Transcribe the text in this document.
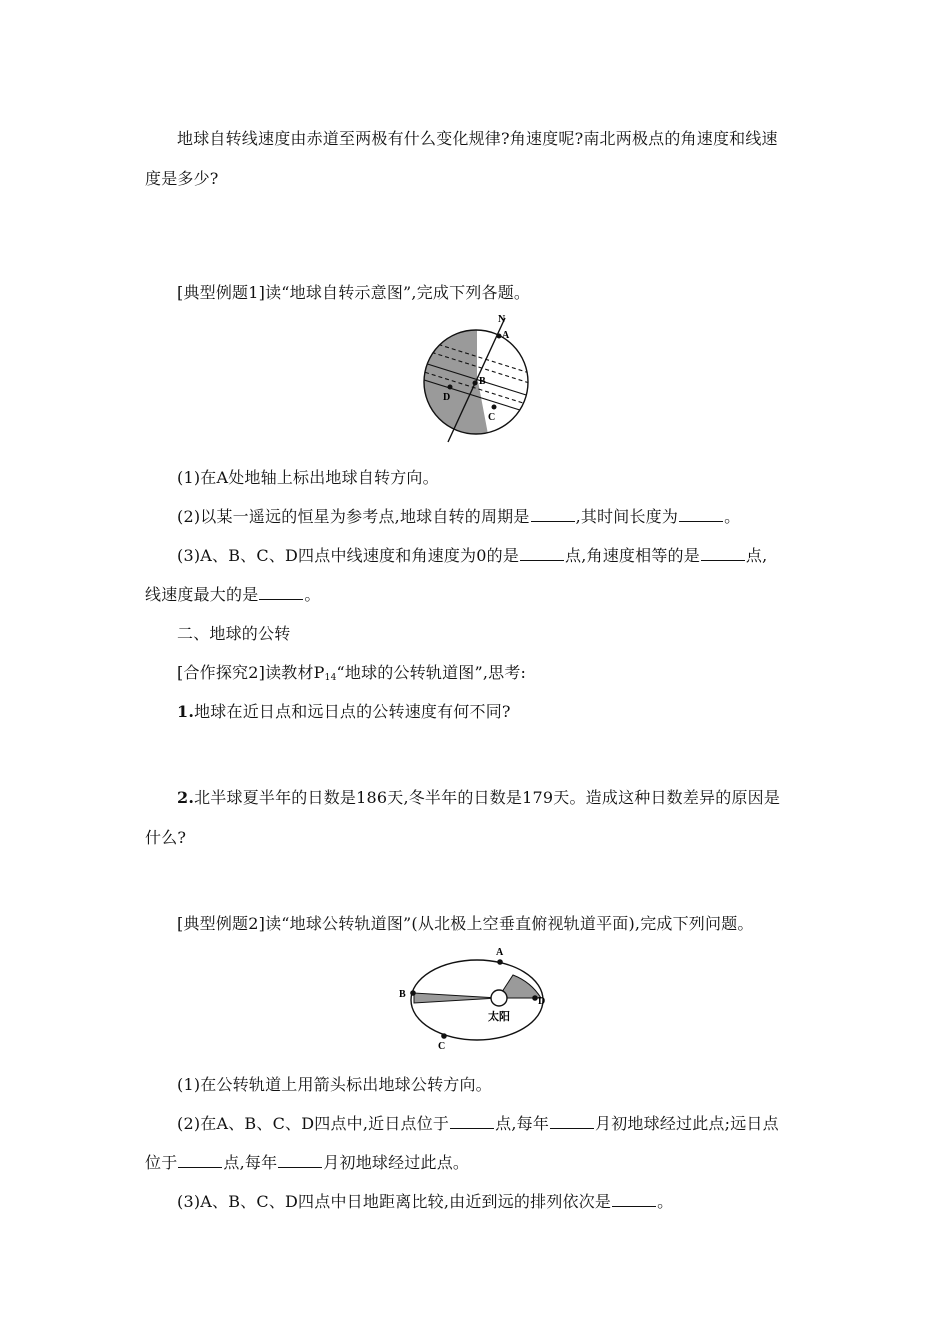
地球自转线速度由赤道至两极有什么变化规律?角速度呢?南北两极点的角速度和线速
度是多少?
[典型例题1]读“地球自转示意图”,完成下列各题。
N
A
B
C
D
(1)在A处地轴上标出地球自转方向。
(2)以某一遥远的恒星为参考点,地球自转的周期是	,其时间长度为	。
(3)A、B、C、D四点中线速度和角速度为0的是	点,角速度相等的是	点,
线速度最大的是	。
二、地球的公转
[合作探究2]读教材$P_{14}“$地球的公转轨道图”,思考:
1.地球在近日点和远日点的公转速度有何不同?
2.北半球夏半年的日数是186天,冬半年的日数是179天。造成这种日数差异的原因是
什么?
[典型例题2]读“地球公转轨道图”(从北极上空垂直俯视轨道平面),完成下列问题。
A
B
C
D
太阳
(1)在公转轨道上用箭头标出地球公转方向。
(2)在A、B、C、D四点中,近日点位于	点,每年	月初地球经过此点;远日点
位于	点,每年	月初地球经过此点。
(3)A、B、C、D四点中日地距离比较,由近到远的排列依次是	。
